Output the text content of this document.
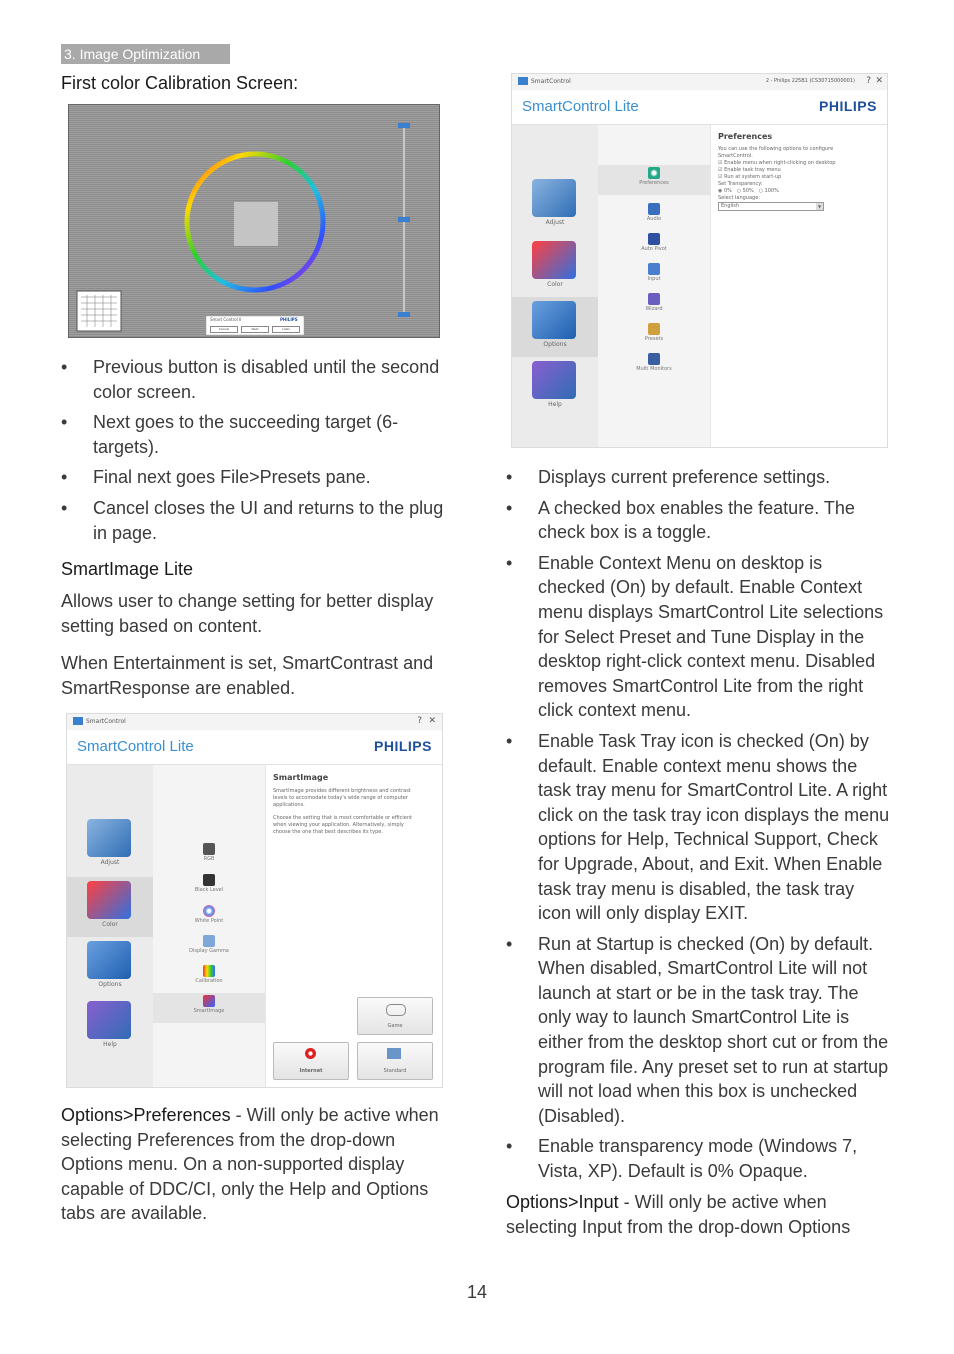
3. Image Optimization
First color Calibration Screen:
Smart Control II	PHILIPS
Cancel	Next	Later
• Previous button is disabled until the second color screen.
• Next goes to the succeeding target (6-targets).
• Final next goes File>Presets pane.
• Cancel closes the UI and returns to the plug in page.
SmartImage Lite
Allows user to change setting for better display setting based on content.
When Entertainment is set, SmartContrast and SmartResponse are enabled.
SmartControl	? ✕
SmartControl Lite	PHILIPS
Adjust
Color
Options
Help
RGB
Black Level
White Point
Display Gamma
Calibration
SmartImage
SmartImage
SmartImage provides different brightness and contrast levels to accomodate today's wide range of computer applications.
Choose the setting that is most comfortable or efficient when viewing your application. Alternatively, simply choose the one that best describes its type.
Game
Internet	Standard
Options>Preferences - Will only be active when selecting Preferences from the drop-down Options menu. On a non-supported display capable of DDC/CI, only the Help and Options tabs are available.
SmartControl	2 - Philips 225B1 (CS30715000001) ? ✕
SmartControl Lite	PHILIPS
Adjust
Color
Options
Help
Preferences
Audio
Auto Pivot
Input
Wizard
Presets
Multi Monitors
Preferences
You can use the following options to configure SmartControl.
☑ Enable menu when right-clicking on desktop
☑ Enable task tray menu
☑ Run at system start-up
Set Transparency:
◉ 0% ○ 50% ○ 100%
Select language:
English	▼
• Displays current preference settings.
• A checked box enables the feature. The check box is a toggle.
• Enable Context Menu on desktop is checked (On) by default. Enable Context menu displays SmartControl Lite selections for Select Preset and Tune Display in the desktop right-click context menu. Disabled removes SmartControl Lite from the right click context menu.
• Enable Task Tray icon is checked (On) by default. Enable context menu shows the task tray menu for SmartControl Lite. A right click on the task tray icon displays the menu options for Help, Technical Support, Check for Upgrade, About, and Exit. When Enable task tray menu is disabled, the task tray icon will only display EXIT.
• Run at Startup is checked (On) by default. When disabled, SmartControl Lite will not launch at start or be in the task tray. The only way to launch SmartControl Lite is either from the desktop short cut or from the program file. Any preset set to run at startup will not load when this box is unchecked (Disabled).
• Enable transparency mode (Windows 7, Vista, XP). Default is 0% Opaque.
Options>Input - Will only be active when selecting Input from the drop-down Options
14
